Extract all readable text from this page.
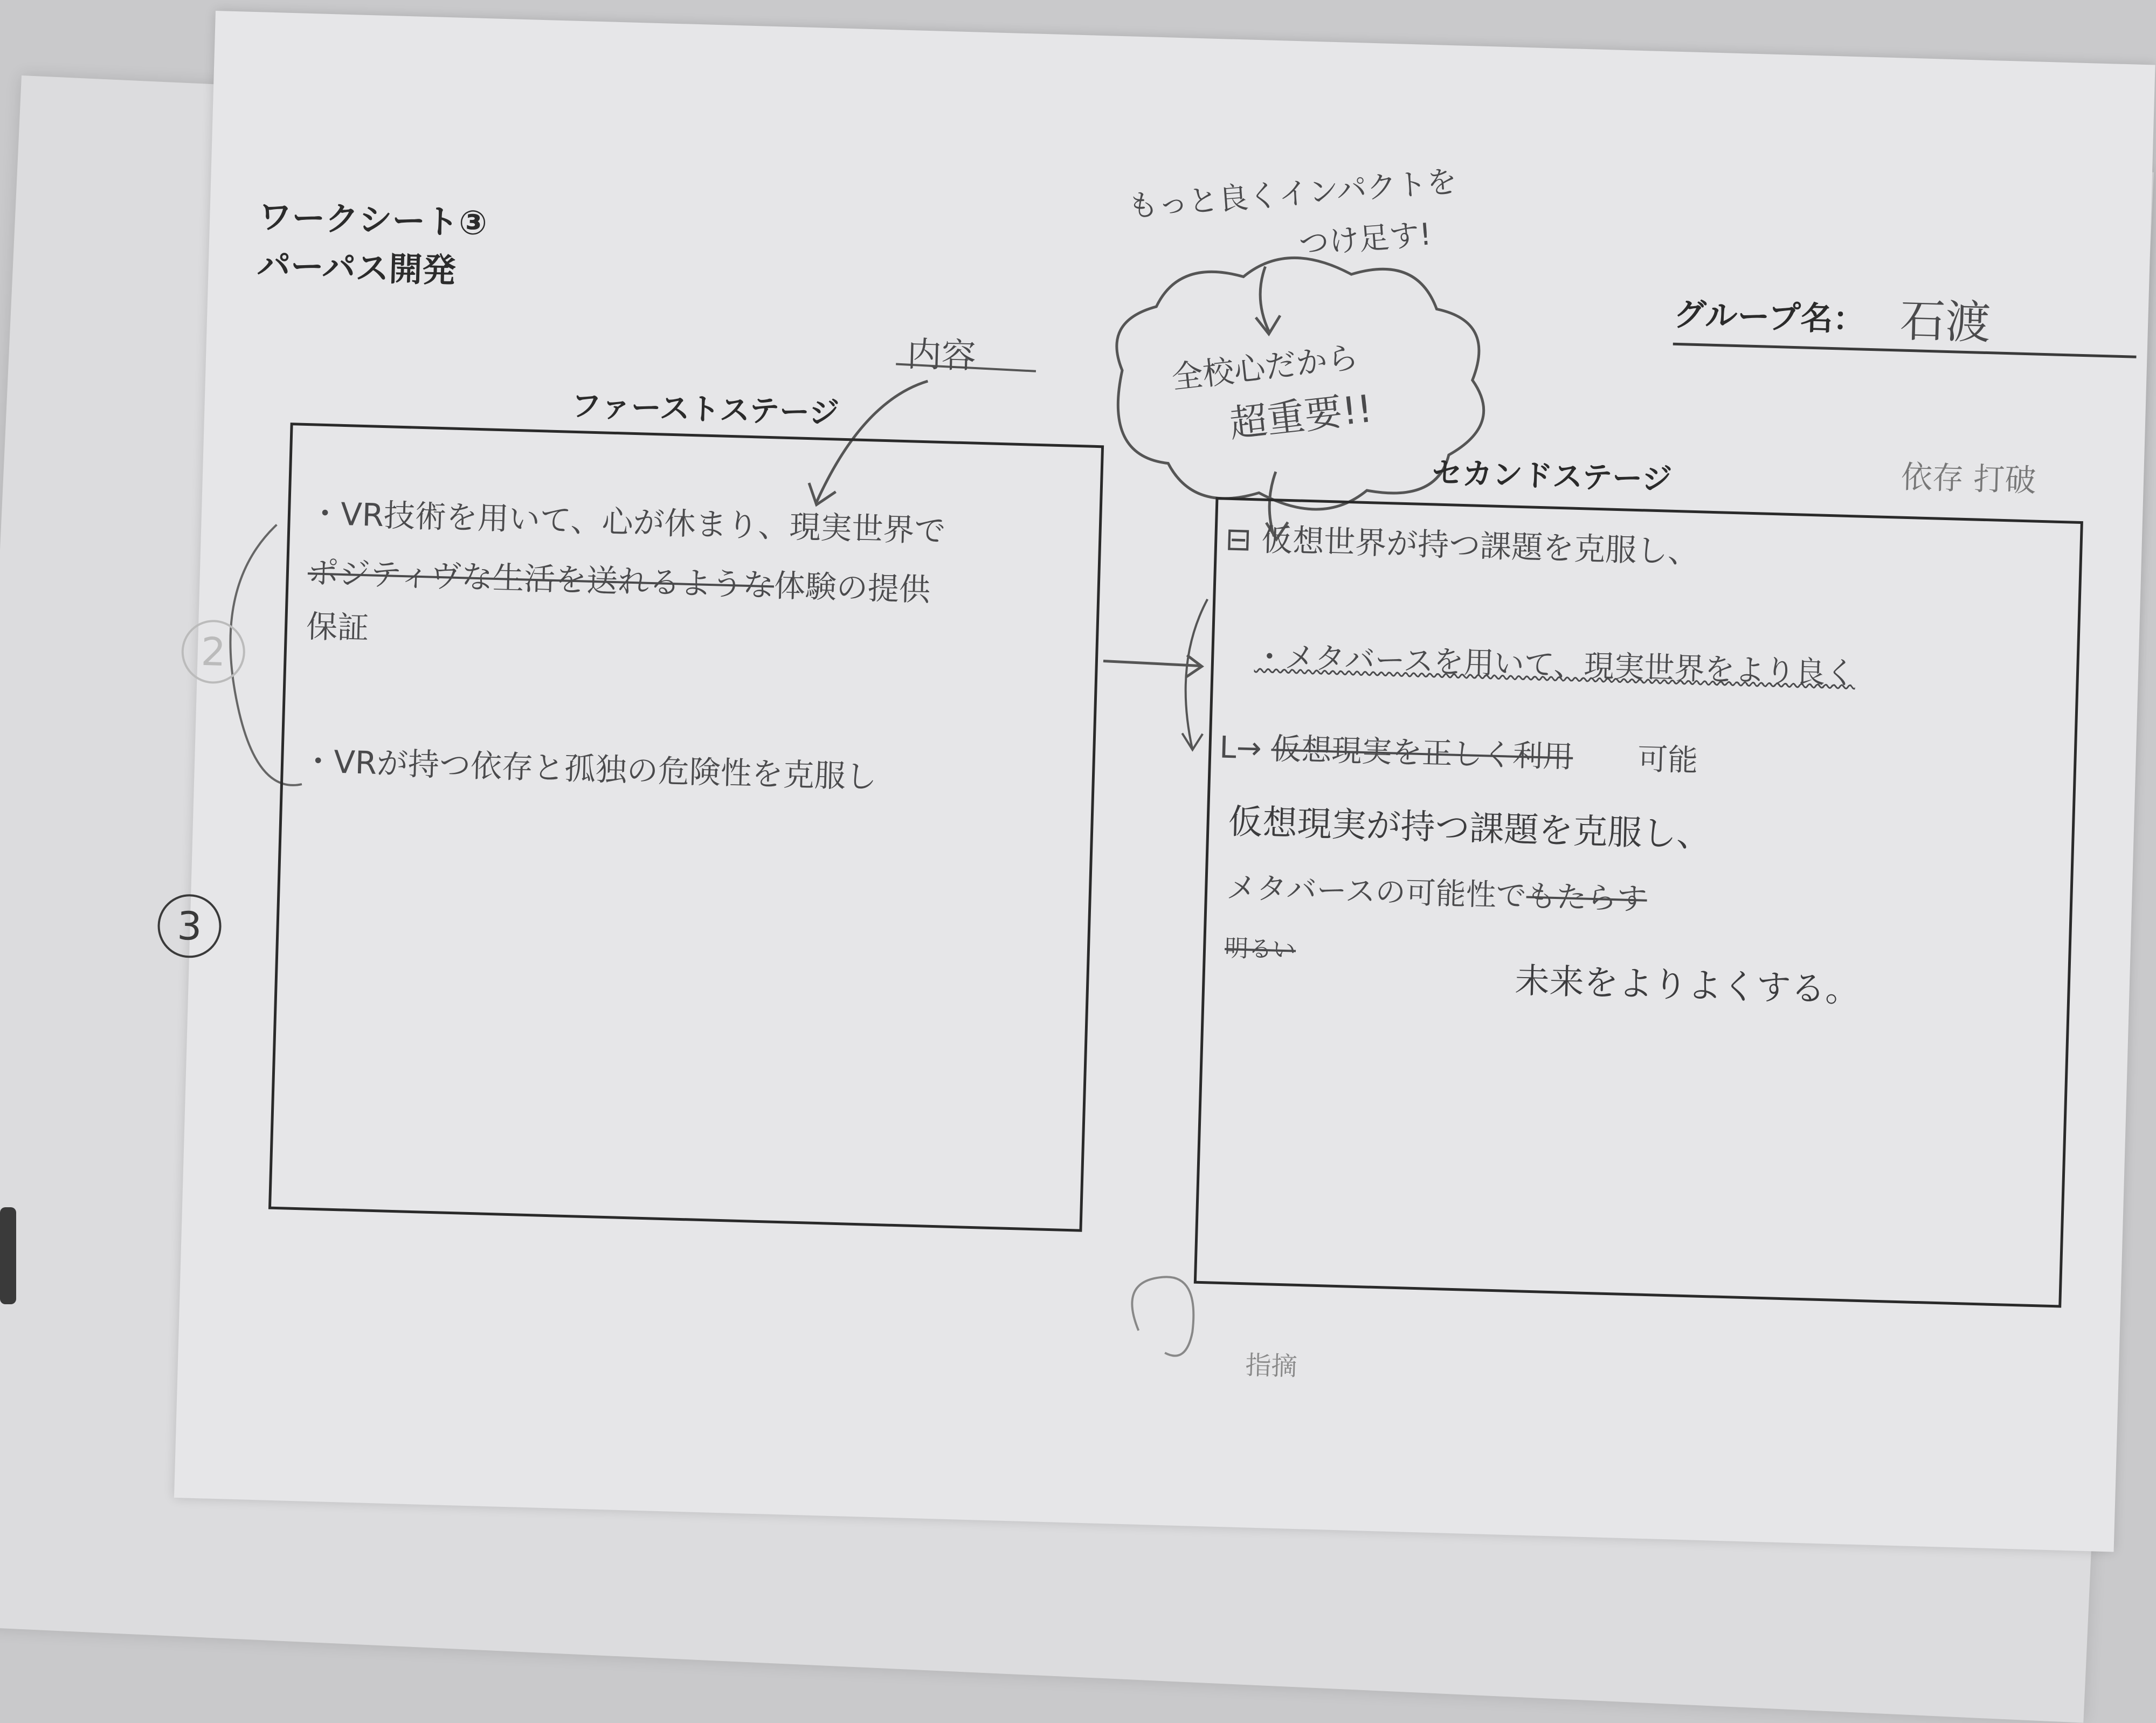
ワークシート③
パーパス開発
グループ名： 石渡
もっと良くインパクトを
つけ足す!
全校心だから
超重要!!
内容
依存 打破
ファーストステージ
・VR技術を用いて、心が休まり、現実世界で
ポジティヴな生活を送れるような体験の提供
保証
・VRが持つ依存と孤独の危険性を克服し
セカンドステージ
⊟ 仮想世界が持つ課題を克服し、
・メタバースを用いて、現実世界をより良く
L→ 仮想現実を正しく利用 可能
仮想現実が持つ課題を克服し、
メタバースの可能性でもたらす
明るい
未来をよりよくする。
3
2
指摘
